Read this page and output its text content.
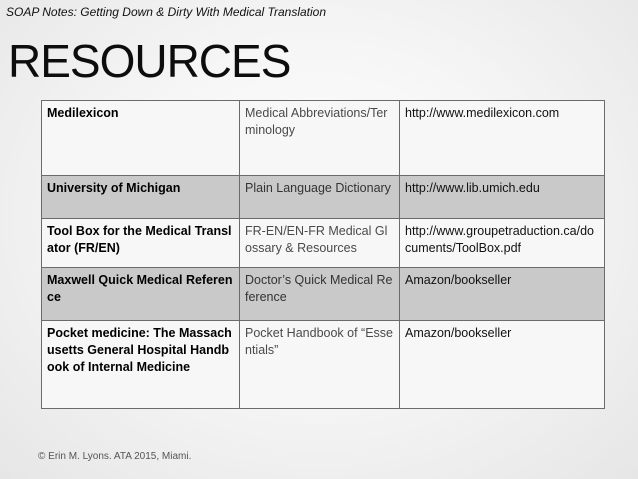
SOAP Notes: Getting Down & Dirty With Medical Translation
RESOURCES
Medilexicon	Medical Abbreviations/Terminology	http://www.medilexicon.com
University of Michigan	Plain Language Dictionary	http://www.lib.umich.edu
Tool Box for the Medical Translator (FR/EN)	FR-EN/EN-FR Medical Glossary & Resources	http://www.groupetraduction.ca/documents/ToolBox.pdf
Maxwell Quick Medical Reference	Doctor’s Quick Medical Reference	Amazon/bookseller
Pocket medicine: The Massachusetts General Hospital Handbook of Internal Medicine	Pocket Handbook of “Essentials”	Amazon/bookseller
© Erin M. Lyons. ATA 2015, Miami.
